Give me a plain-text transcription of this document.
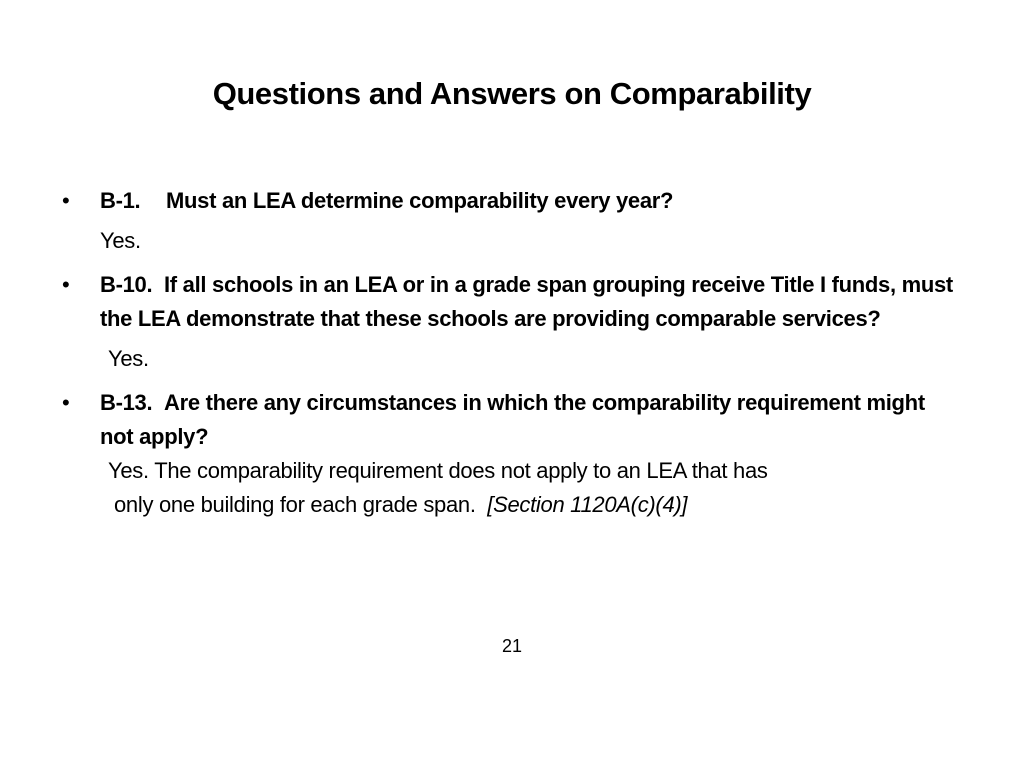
Questions and Answers on Comparability
• B-1. Must an LEA determine comparability every year?
Yes.
• B-10. If all schools in an LEA or in a grade span grouping receive Title I funds, must the LEA demonstrate that these schools are providing comparable services?
Yes.
• B-13. Are there any circumstances in which the comparability requirement might not apply?
Yes. The comparability requirement does not apply to an LEA that has
only one building for each grade span.  [Section 1120A(c)(4)]
21
